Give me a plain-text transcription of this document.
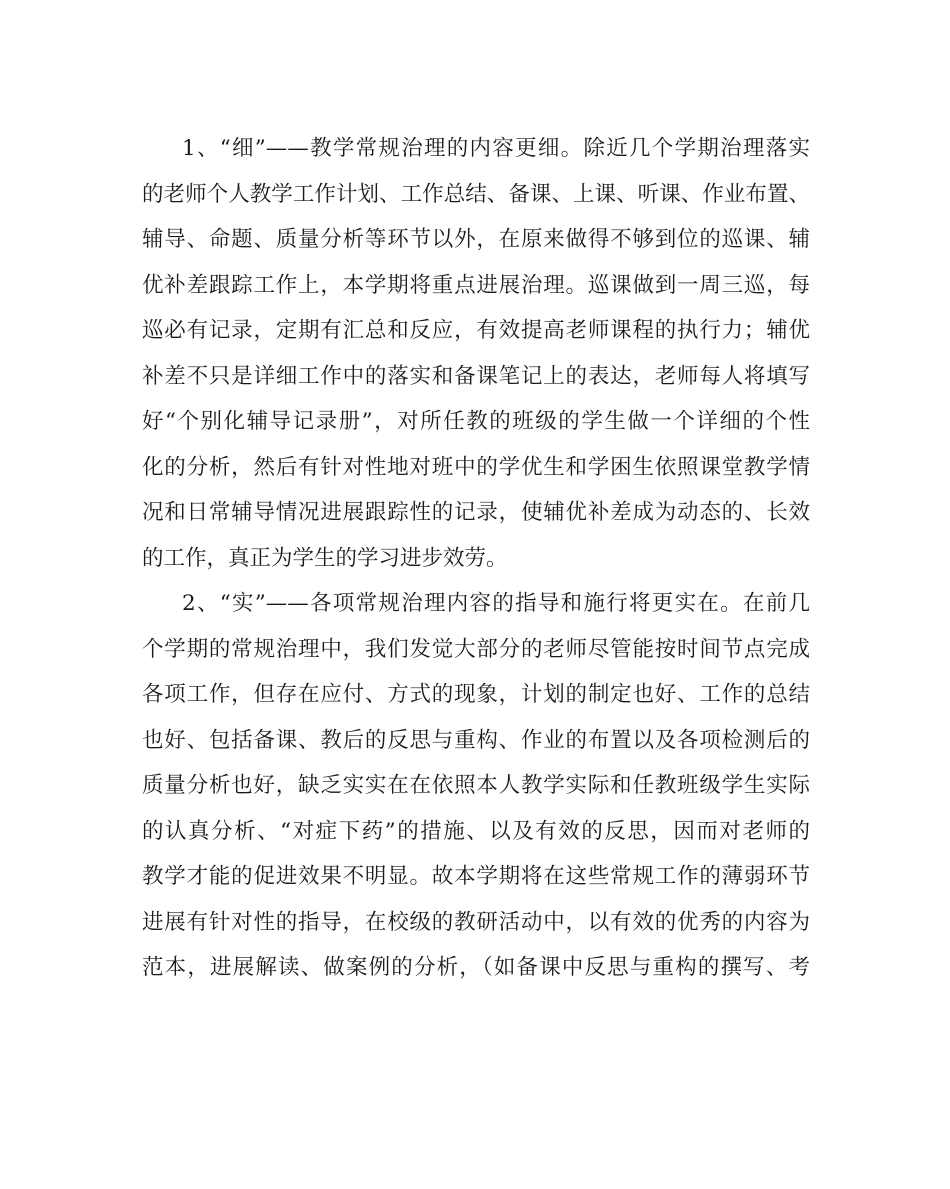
1、“细”——教学常规治理的内容更细。除近几个学期治理落实
的老师个人教学工作计划、工作总结、备课、上课、听课、作业布置、
辅导、命题、质量分析等环节以外，在原来做得不够到位的巡课、辅
优补差跟踪工作上，本学期将重点进展治理。巡课做到一周三巡，每
巡必有记录，定期有汇总和反应，有效提高老师课程的执行力；辅优
补差不只是详细工作中的落实和备课笔记上的表达，老师每人将填写
好“个别化辅导记录册”，对所任教的班级的学生做一个详细的个性
化的分析，然后有针对性地对班中的学优生和学困生依照课堂教学情
况和日常辅导情况进展跟踪性的记录，使辅优补差成为动态的、长效
的工作，真正为学生的学习进步效劳。
2、“实”——各项常规治理内容的指导和施行将更实在。在前几
个学期的常规治理中，我们发觉大部分的老师尽管能按时间节点完成
各项工作，但存在应付、方式的现象，计划的制定也好、工作的总结
也好、包括备课、教后的反思与重构、作业的布置以及各项检测后的
质量分析也好，缺乏实实在在依照本人教学实际和任教班级学生实际
的认真分析、“对症下药”的措施、以及有效的反思，因而对老师的
教学才能的促进效果不明显。故本学期将在这些常规工作的薄弱环节
进展有针对性的指导，在校级的教研活动中，以有效的优秀的内容为
范本，进展解读、做案例的分析，（如备课中反思与重构的撰写、考
